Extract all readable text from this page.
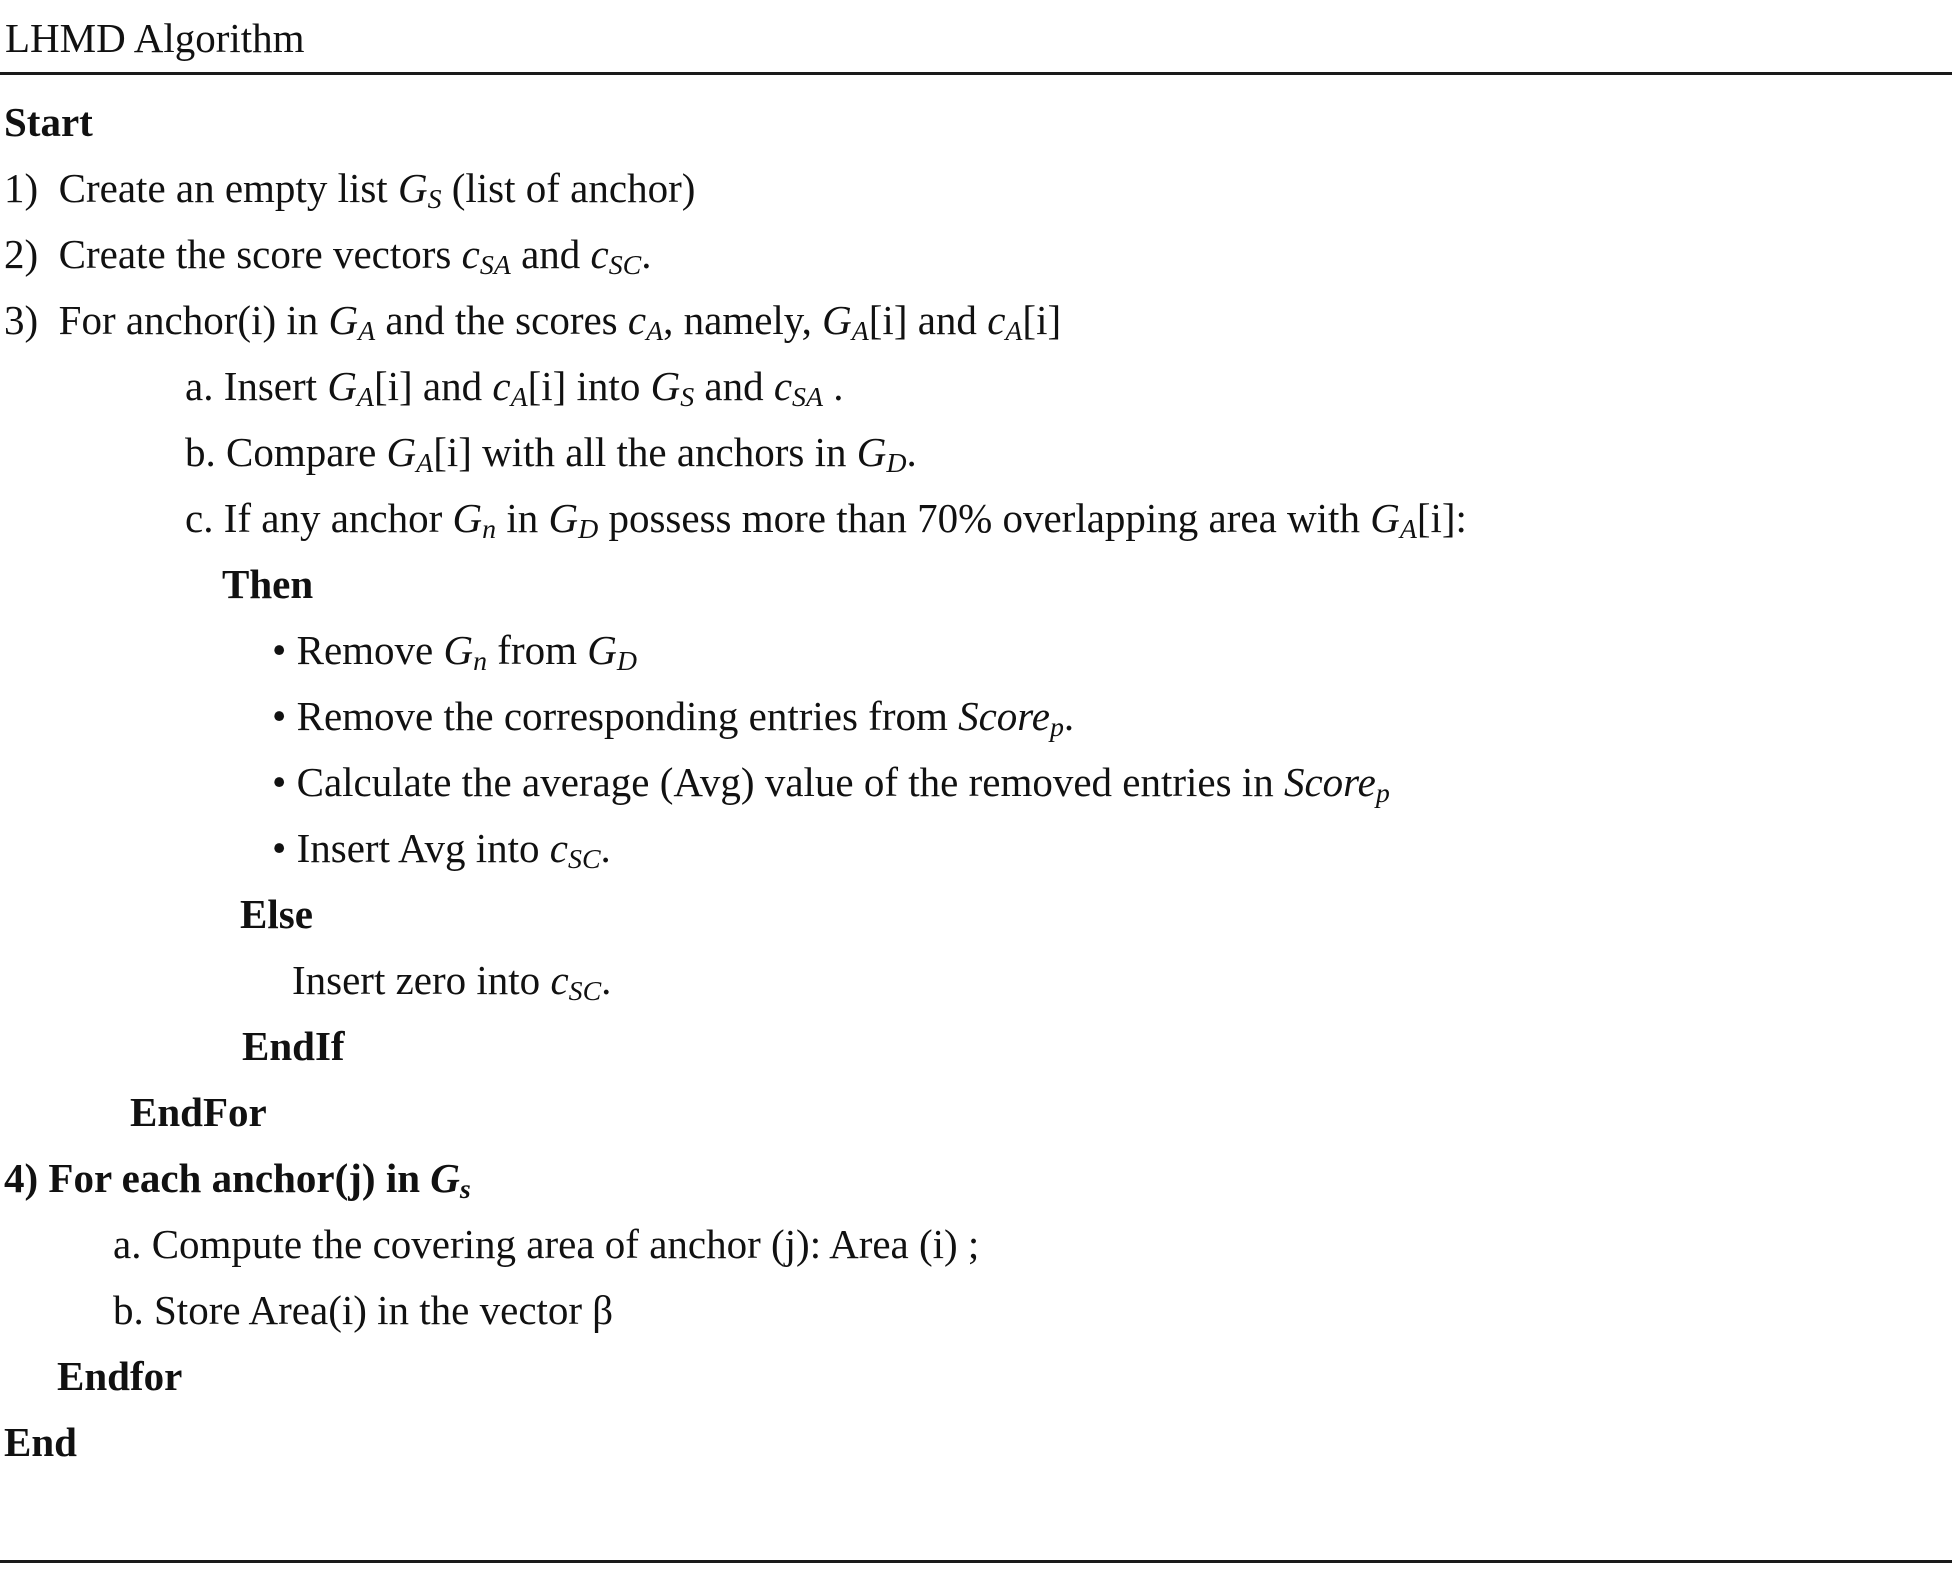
LHMD Algorithm
Start
1) Create an empty list GS (list of anchor)
2) Create the score vectors cSA and cSC.
3) For anchor(i) in GA and the scores cA, namely, GA[i] and cA[i]
a. Insert GA[i] and cA[i] into GS and cSA .
b. Compare GA[i] with all the anchors in GD.
c. If any anchor Gn in GD possess more than 70% overlapping area with GA[i]:
Then
• Remove Gn from GD
• Remove the corresponding entries from Scorep.
• Calculate the average (Avg) value of the removed entries in Scorep
• Insert Avg into cSC.
Else
Insert zero into cSC.
EndIf
EndFor
4) For each anchor(j) in Gs
a. Compute the covering area of anchor (j): Area (i) ;
b. Store Area(i) in the vector β
Endfor
End
